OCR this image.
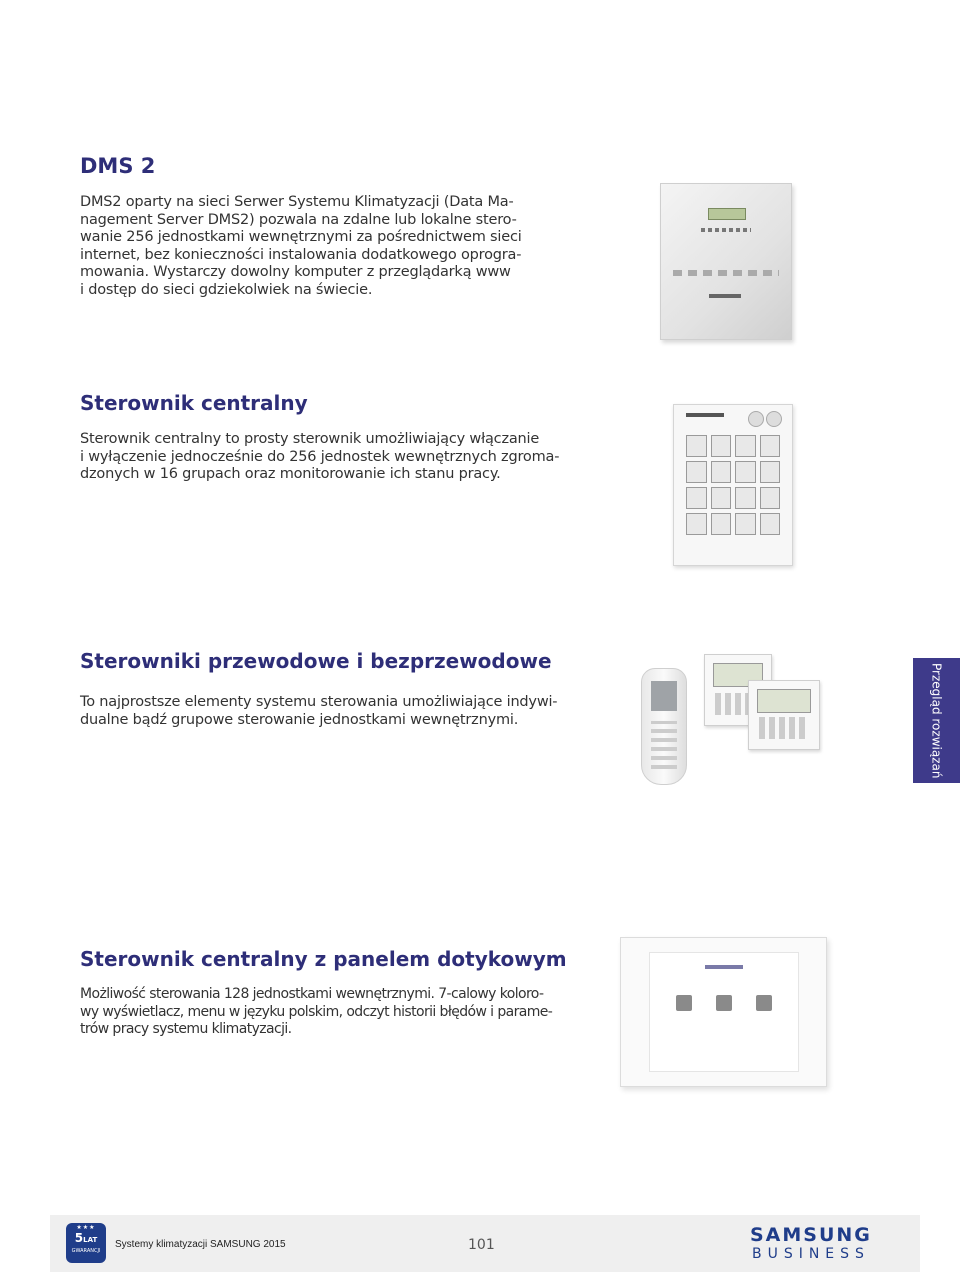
DMS 2

DMS2 oparty na sieci Serwer Systemu Klimatyzacji (Data Ma-
nagement Server DMS2) pozwala na zdalne lub lokalne stero-
wanie 256 jednostkami wewnętrznymi za pośrednictwem sieci
internet, bez konieczności instalowania dodatkowego oprogra-
mowania. Wystarczy dowolny komputer z przeglądarką www
i dostęp do sieci gdziekolwiek na świecie.

Sterownik centralny

Sterownik centralny to prosty sterownik umożliwiający włączanie
i wyłączenie jednocześnie do 256 jednostek wewnętrznych zgroma-
dzonych w 16 grupach oraz monitorowanie ich stanu pracy.

Sterowniki przewodowe i bezprzewodowe

To najprostsze elementy systemu sterowania umożliwiające indywi-
dualne bądź grupowe sterowanie jednostkami wewnętrznymi.	Przegląd rozwiązań
Sterownik centralny z panelem dotykowym

Możliwość sterowania 128 jednostkami wewnętrznymi. 7-calowy koloro-
wy wyświetlacz, menu w języku polskim, odczyt historii błędów i parame-
trów pracy systemu klimatyzacji.

★★★
5LAT
GWARANCJI
Systemy klimatyzacji SAMSUNG 2015	101	SAMSUNG
BUSINESS
